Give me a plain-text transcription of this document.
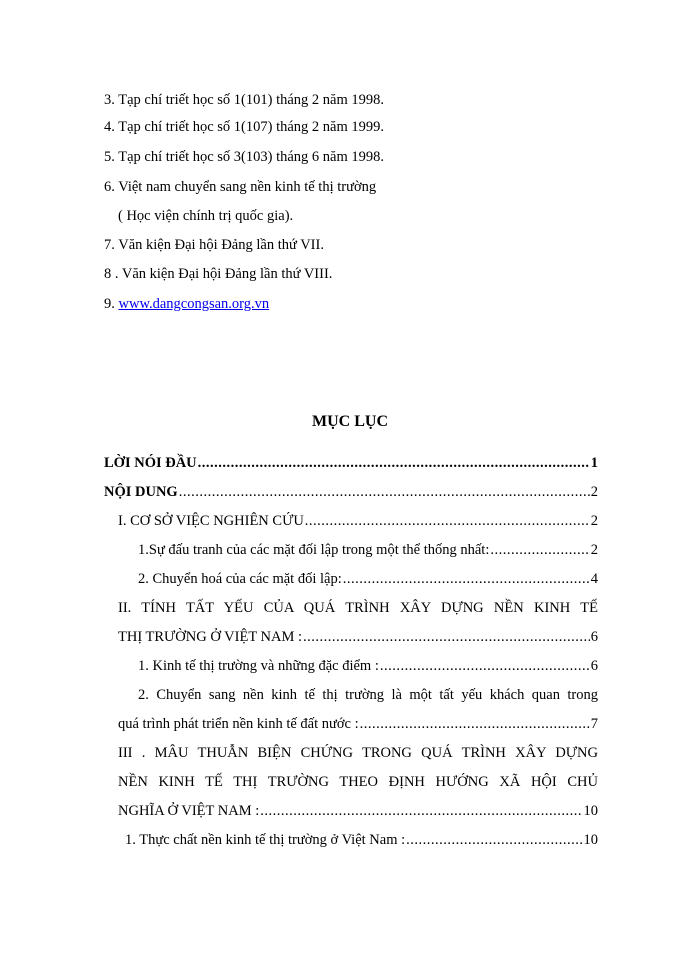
3. Tạp chí triết học số 1(101) tháng 2 năm 1998.
4. Tạp chí triết học số 1(107) tháng 2 năm 1999.
5. Tạp chí triết học số 3(103) tháng 6 năm 1998.
6. Việt nam chuyển sang nền kinh tế thị trường
( Học viện chính trị quốc gia).
7. Văn kiện Đại hội Đảng lần thứ VII.
8 . Văn kiện Đại hội Đảng lần thứ VIII.
9. www.dangcongsan.org.vn
MỤC LỤC
LỜI NÓI ĐẦU .....	1
NỘI DUNG .....	2
I. CƠ SỞ VIỆC NGHIÊN CỨU .....	2
1.Sự đấu tranh của các mặt đối lập trong một thể thống nhất: .....	2
2. Chuyển hoá của các mặt đối lập: .....	4
II. TÍNH TẤT YẾU CỦA QUÁ TRÌNH XÂY DỰNG NỀN KINH TẾ
THỊ TRƯỜNG Ở VIỆT NAM : .....	6
1. Kinh tế thị trường và những đặc điểm : .....	6
2. Chuyển sang nền kinh tế thị trường là một tất yếu khách quan trong
quá trình phát triển nền kinh tế đất nước : .....	7
III . MÂU THUẪN BIỆN CHỨNG TRONG QUÁ TRÌNH XÂY DỰNG
NỀN KINH TẾ THỊ TRƯỜNG THEO ĐỊNH HƯỚNG XÃ HỘI CHỦ
NGHĨA Ở VIỆT NAM : .....	10
1. Thực chất nền kinh tế thị trường ở Việt Nam : .....	10
